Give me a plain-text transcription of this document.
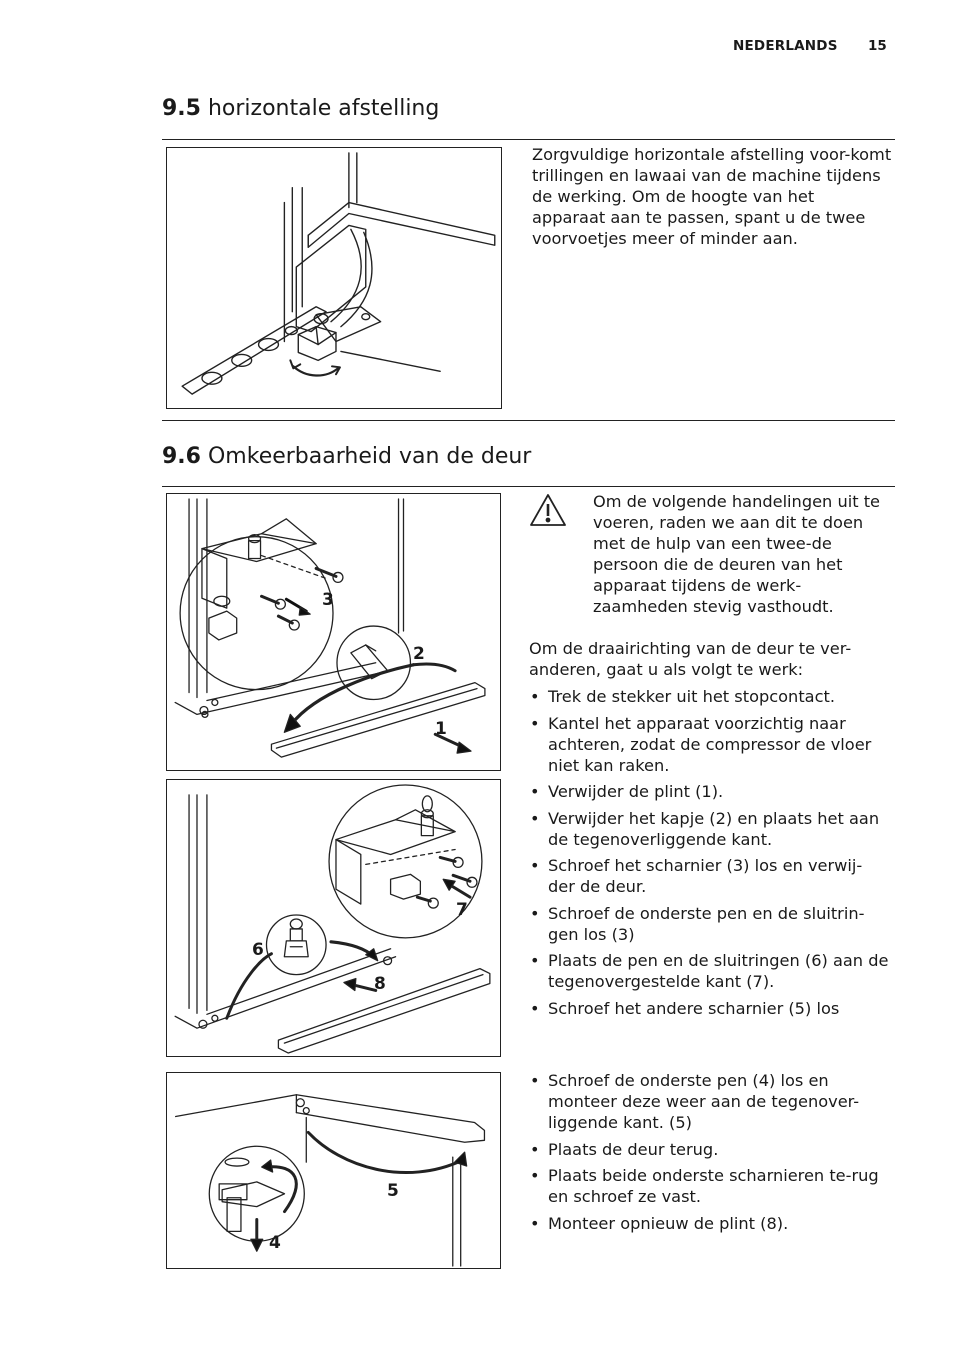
NEDERLANDS 15
9.5 horizontale afstelling

Zorgvuldige horizontale afstelling voor-komt trillingen en lawaai van de machine tijdens de werking. Om de hoogte van het apparaat aan te passen, spant u de twee voorvoetjes meer of minder aan.

9.6 Omkeerbaarheid van de deur
3
2
1
7
6
8
5
4

Om de volgende handelingen uit te voeren, raden we aan dit te doen met de hulp van een twee-de persoon die de deuren van het apparaat tijdens de werk-zaamheden stevig vasthoudt.

Om de draairichting van de deur te ver-anderen, gaat u als volgt te werk:

• Trek de stekker uit het stopcontact.
• Kantel het apparaat voorzichtig naar achteren, zodat de compressor de vloer niet kan raken.
• Verwijder de plint (1).
• Verwijder het kapje (2) en plaats het aan de tegenoverliggende kant.
• Schroef het scharnier (3) los en verwij-der de deur.
• Schroef de onderste pen en de sluitrin-gen los (3)
• Plaats de pen en de sluitringen (6) aan de tegenovergestelde kant (7).
• Schroef het andere scharnier (5) los
• Schroef de onderste pen (4) los en monteer deze weer aan de tegenover-liggende kant. (5)
• Plaats de deur terug.
• Plaats beide onderste scharnieren te-rug en schroef ze vast.
• Monteer opnieuw de plint (8).
